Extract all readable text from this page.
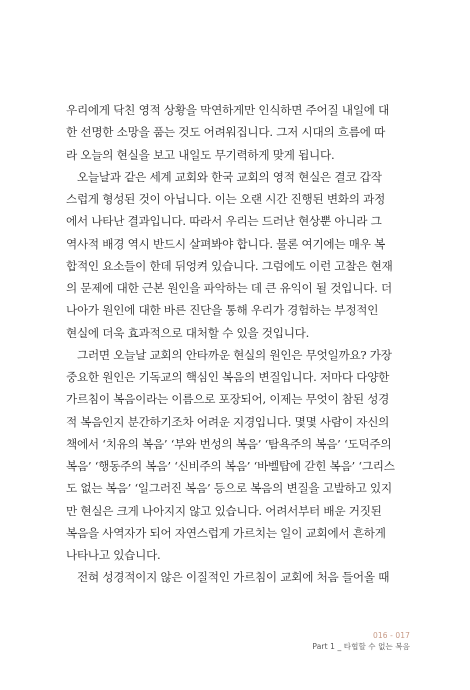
우리에게 닥친 영적 상황을 막연하게만 인식하면 주어질 내일에 대
한 선명한 소망을 품는 것도 어려워집니다. 그저 시대의 흐름에 따
라 오늘의 현실을 보고 내일도 무기력하게 맞게 됩니다.
오늘날과 같은 세계 교회와 한국 교회의 영적 현실은 결코 갑작
스럽게 형성된 것이 아닙니다. 이는 오랜 시간 진행된 변화의 과정
에서 나타난 결과입니다. 따라서 우리는 드러난 현상뿐 아니라 그
역사적 배경 역시 반드시 살펴봐야 합니다. 물론 여기에는 매우 복
합적인 요소들이 한데 뒤엉켜 있습니다. 그럼에도 이런 고찰은 현재
의 문제에 대한 근본 원인을 파악하는 데 큰 유익이 될 것입니다. 더
나아가 원인에 대한 바른 진단을 통해 우리가 경험하는 부정적인
현실에 더욱 효과적으로 대처할 수 있을 것입니다.
그러면 오늘날 교회의 안타까운 현실의 원인은 무엇일까요? 가장
중요한 원인은 기독교의 핵심인 복음의 변질입니다. 저마다 다양한
가르침이 복음이라는 이름으로 포장되어, 이제는 무엇이 참된 성경
적 복음인지 분간하기조차 어려운 지경입니다. 몇몇 사람이 자신의
책에서 ‘치유의 복음’ ‘부와 번성의 복음’ ‘탐욕주의 복음’ ‘도덕주의
복음’ ‘행동주의 복음’ ‘신비주의 복음’ ‘바벨탑에 갇힌 복음’ ‘그리스
도 없는 복음’ ‘일그러진 복음’ 등으로 복음의 변질을 고발하고 있지
만 현실은 크게 나아지지 않고 있습니다. 어려서부터 배운 거짓된
복음을 사역자가 되어 자연스럽게 가르치는 일이 교회에서 흔하게
나타나고 있습니다.
전혀 성경적이지 않은 이질적인 가르침이 교회에 처음 들어올 때
016 - 017
Part 1 _ 타협할 수 없는 복음
